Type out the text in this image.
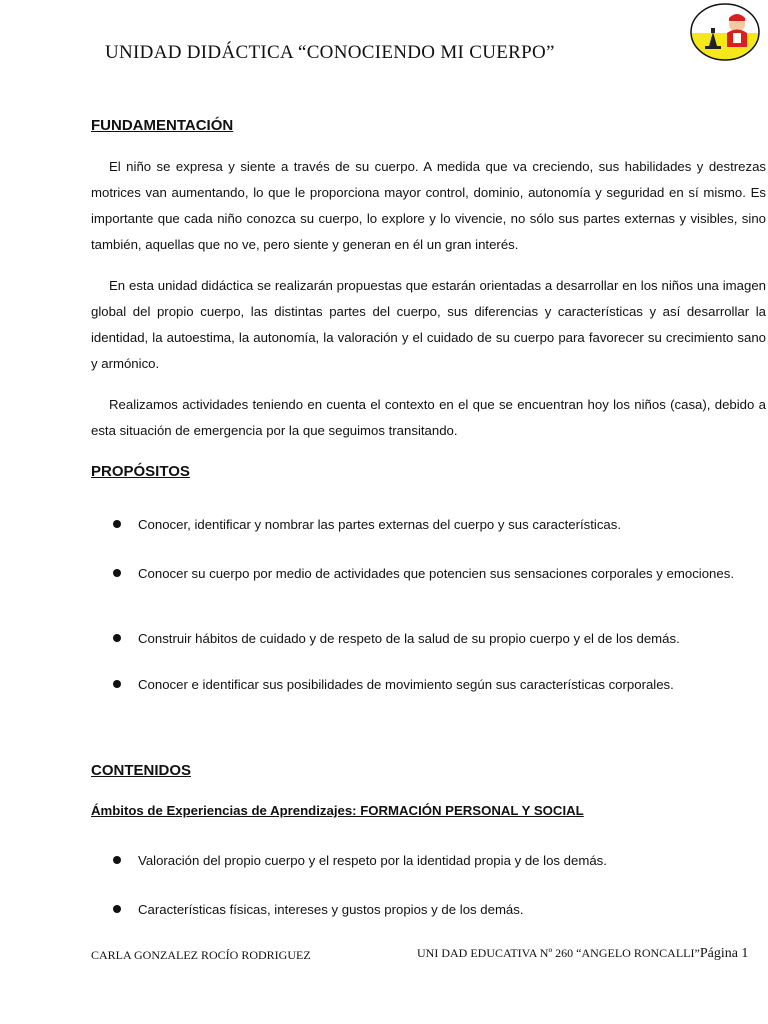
UNIDAD DIDÁCTICA “CONOCIENDO MI CUERPO”
FUNDAMENTACIÓN
El niño se expresa y siente a través de su cuerpo. A medida que va creciendo, sus habilidades y destrezas motrices van aumentando, lo que le proporciona mayor control, dominio, autonomía y seguridad en sí mismo. Es importante que cada niño conozca su cuerpo, lo explore y lo vivencie, no sólo sus partes externas y visibles, sino también, aquellas que no ve, pero siente y generan en él un gran interés.
En esta unidad didáctica se realizarán propuestas que estarán orientadas a desarrollar en los niños una imagen global del propio cuerpo, las distintas partes del cuerpo, sus diferencias y características y así desarrollar la identidad, la autoestima, la autonomía, la valoración y el cuidado de su cuerpo para favorecer su crecimiento sano y armónico.
Realizamos actividades teniendo en cuenta el contexto en el que se encuentran hoy los niños (casa), debido a esta situación de emergencia por la que seguimos transitando.
PROPÓSITOS
Conocer, identificar y nombrar las partes externas del cuerpo y sus características.
Conocer su cuerpo por medio de actividades que potencien sus sensaciones corporales y emociones.
Construir hábitos de cuidado y de respeto de la salud de su propio cuerpo y el de los demás.
Conocer e identificar sus posibilidades de movimiento según sus características corporales.
CONTENIDOS
Ámbitos de Experiencias de Aprendizajes: FORMACIÓN PERSONAL Y SOCIAL
Valoración del propio cuerpo y el respeto por la identidad propia y de los demás.
Características físicas, intereses y gustos propios y de los demás.
CARLA GONZALEZ ROCÍO RODRIGUEZ	UNI DAD EDUCATIVA Nº 260 “ANGELO RONCALLI”Página 1
